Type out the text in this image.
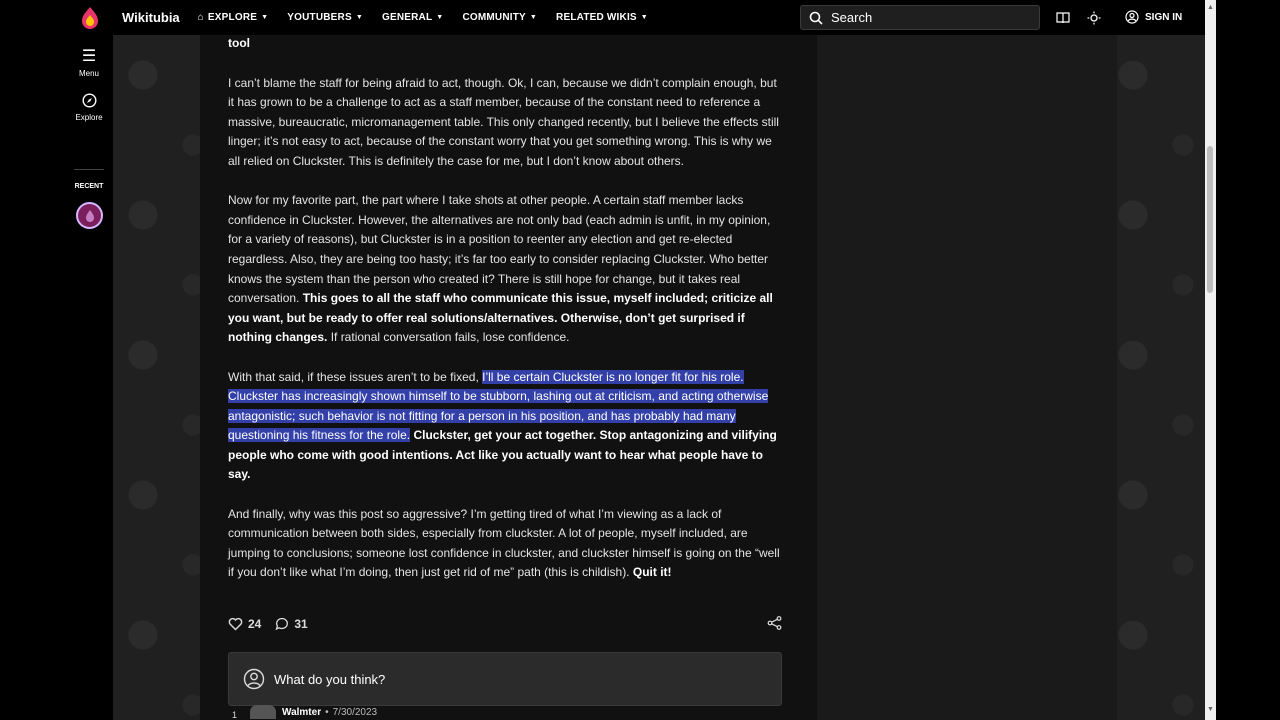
Wikitubia ⌂ EXPLORE ▼ YOUTUBERS ▼ GENERAL ▼ COMMUNITY ▼ RELATED WIKIS ▼	Search	SIGN IN
☰
Menu
Explore
RECENT

tool

I can’t blame the staff for being afraid to act, though. Ok, I can, because we didn’t complain enough, but it has grown to be a challenge to act as a staff member, because of the constant need to reference a massive, bureaucratic, micromanagement table. This only changed recently, but I believe the effects still linger; it’s not easy to act, because of the constant worry that you get something wrong. This is why we all relied on Cluckster. This is definitely the case for me, but I don’t know about others.

Now for my favorite part, the part where I take shots at other people. A certain staff member lacks confidence in Cluckster. However, the alternatives are not only bad (each admin is unfit, in my opinion, for a variety of reasons), but Cluckster is in a position to reenter any election and get re-elected regardless. Also, they are being too hasty; it’s far too early to consider replacing Cluckster. Who better knows the system than the person who created it? There is still hope for change, but it takes real conversation. This goes to all the staff who communicate this issue, myself included; criticize all you want, but be ready to offer real solutions/alternatives. Otherwise, don’t get surprised if nothing changes. If rational conversation fails, lose confidence.

With that said, if these issues aren’t to be fixed, I’ll be certain Cluckster is no longer fit for his role. Cluckster has increasingly shown himself to be stubborn, lashing out at criticism, and acting otherwise antagonistic; such behavior is not fitting for a person in his position, and has probably had many questioning his fitness for the role. Cluckster, get your act together. Stop antagonizing and vilifying people who come with good intentions. Act like you actually want to hear what people have to say.

And finally, why was this post so aggressive? I’m getting tired of what I’m viewing as a lack of communication between both sides, especially from cluckster. A lot of people, myself included, are jumping to conclusions; someone lost confidence in cluckster, and cluckster himself is going on the “well if you don’t like what I’m doing, then just get rid of me” path (this is childish). Quit it!

24	31
What do you think?
1	Walmter • 7/30/2023
▲
▼
